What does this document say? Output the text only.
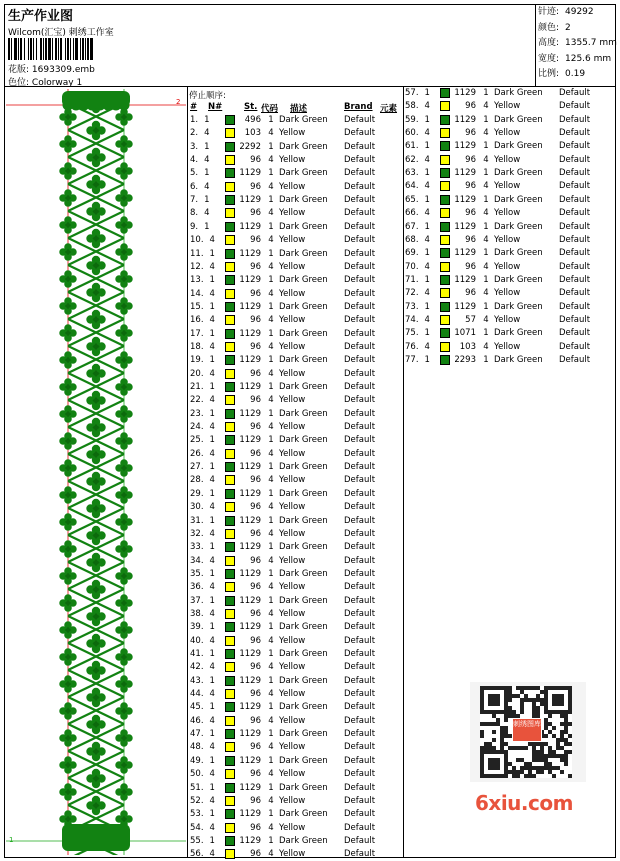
生产作业图
Wilcom(汇宝) 刺绣工作室
花版: 1693309.emb
色位: Colorway 1
针迹: 49292
颜色: 2
高度: 1355.7 mm
宽度: 125.6 mm
比例: 0.19
2
1
停止顺序:
# N#	St. 代码 描述	Brand 元素
1. 1	496 1 Dark Green Default
2. 4	103 4 Yellow	Default
3. 1	2292 1 Dark Green Default
4. 4	96 4 Yellow	Default
5. 1	1129 1 Dark Green Default
6. 4	96 4 Yellow	Default
7. 1	1129 1 Dark Green Default
8. 4	96 4 Yellow	Default
9. 1	1129 1 Dark Green Default
10. 4	96 4 Yellow	Default
11. 1	1129 1 Dark Green Default
12. 4	96 4 Yellow	Default
13. 1	1129 1 Dark Green Default
14. 4	96 4 Yellow	Default
15. 1	1129 1 Dark Green Default
16. 4	96 4 Yellow	Default
17. 1	1129 1 Dark Green Default
18. 4	96 4 Yellow	Default
19. 1	1129 1 Dark Green Default
20. 4	96 4 Yellow	Default
21. 1	1129 1 Dark Green Default
22. 4	96 4 Yellow	Default
23. 1	1129 1 Dark Green Default
24. 4	96 4 Yellow	Default
25. 1	1129 1 Dark Green Default
26. 4	96 4 Yellow	Default
27. 1	1129 1 Dark Green Default
28. 4	96 4 Yellow	Default
29. 1	1129 1 Dark Green Default
30. 4	96 4 Yellow	Default
31. 1	1129 1 Dark Green Default
32. 4	96 4 Yellow	Default
33. 1	1129 1 Dark Green Default
34. 4	96 4 Yellow	Default
35. 1	1129 1 Dark Green Default
36. 4	96 4 Yellow	Default
37. 1	1129 1 Dark Green Default
38. 4	96 4 Yellow	Default
39. 1	1129 1 Dark Green Default
40. 4	96 4 Yellow	Default
41. 1	1129 1 Dark Green Default
42. 4	96 4 Yellow	Default
43. 1	1129 1 Dark Green Default
44. 4	96 4 Yellow	Default
45. 1	1129 1 Dark Green Default
46. 4	96 4 Yellow	Default
47. 1	1129 1 Dark Green Default
48. 4	96 4 Yellow	Default
49. 1	1129 1 Dark Green Default
50. 4	96 4 Yellow	Default
51. 1	1129 1 Dark Green Default
52. 4	96 4 Yellow	Default
53. 1	1129 1 Dark Green Default
54. 4	96 4 Yellow	Default
55. 1	1129 1 Dark Green Default
56. 4	96 4 Yellow	Default
57. 1	1129 1 Dark Green Default
58. 4	96 4 Yellow	Default
59. 1	1129 1 Dark Green Default
60. 4	96 4 Yellow	Default
61. 1	1129 1 Dark Green Default
62. 4	96 4 Yellow	Default
63. 1	1129 1 Dark Green Default
64. 4	96 4 Yellow	Default
65. 1	1129 1 Dark Green Default
66. 4	96 4 Yellow	Default
67. 1	1129 1 Dark Green Default
68. 4	96 4 Yellow	Default
69. 1	1129 1 Dark Green Default
70. 4	96 4 Yellow	Default
71. 1	1129 1 Dark Green Default
72. 4	96 4 Yellow	Default
73. 1	1129 1 Dark Green Default
74. 4	57 4 Yellow	Default
75. 1	1071 1 Dark Green Default
76. 4	103 4 Yellow	Default
77. 1	2293 1 Dark Green Default
刺绣图库
6xiu.com
